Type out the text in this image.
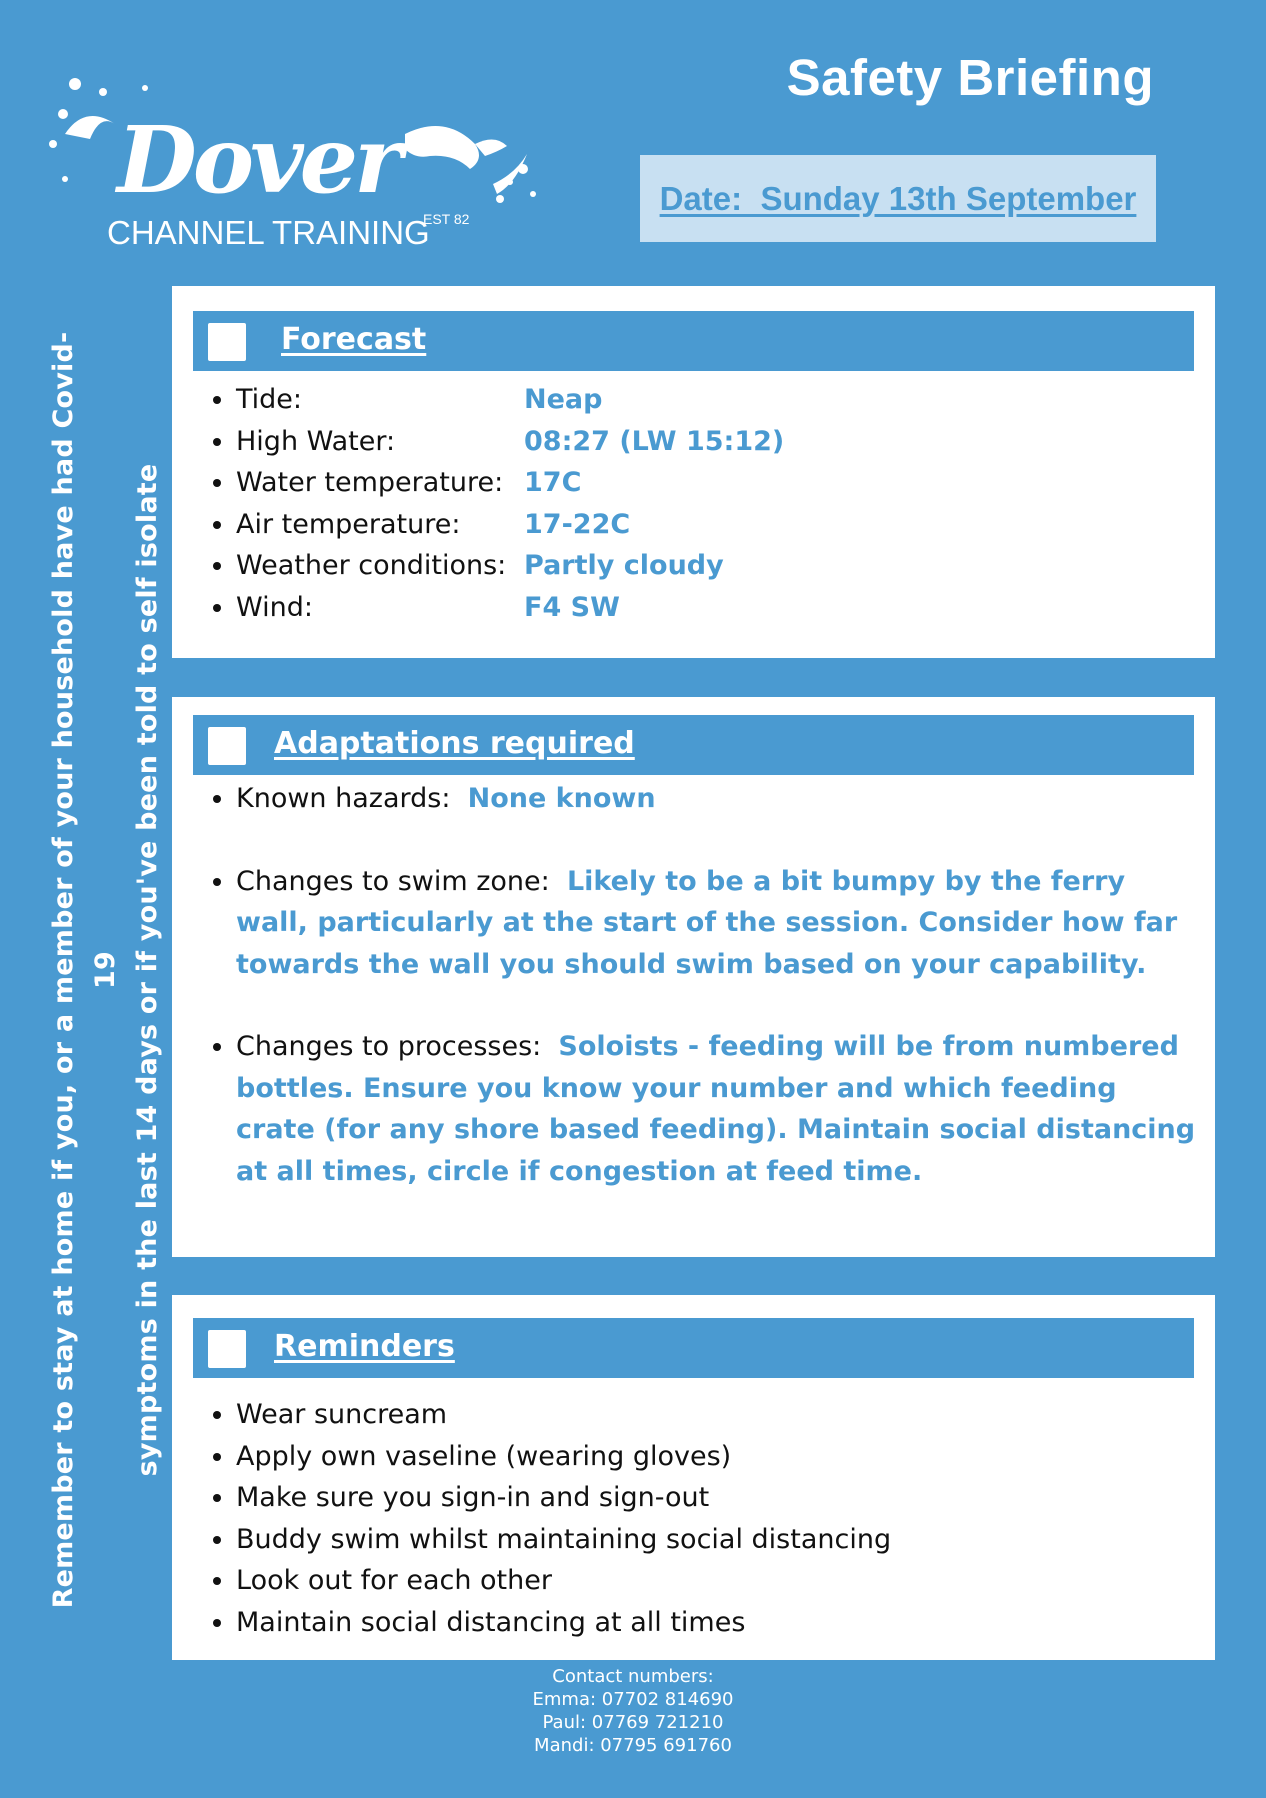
Dover
CHANNEL TRAINING
EST 82
Safety Briefing
Date:  Sunday 13th September
Remember to stay at home if you, or a member of your household have had Covid-19 symptoms in the last 14 days or if you've been told to self isolate
Forecast
Tide:	Neap
High Water:	08:27 (LW 15:12)
Water temperature: 17C
Air temperature: 17-22C
Weather conditions: Partly cloudy
Wind:	F4 SW
Adaptations required
Known hazards: None known
Changes to swim zone: Likely to be a bit bumpy by the ferry wall, particularly at the start of the session. Consider how far towards the wall you should swim based on your capability.
Changes to processes: Soloists - feeding will be from numbered bottles. Ensure you know your number and which feeding crate (for any shore based feeding). Maintain social distancing at all times, circle if congestion at feed time.
Reminders
Wear suncream
Apply own vaseline (wearing gloves)
Make sure you sign-in and sign-out
Buddy swim whilst maintaining social distancing
Look out for each other
Maintain social distancing at all times
Contact numbers:
Emma: 07702 814690
Paul: 07769 721210
Mandi: 07795 691760
